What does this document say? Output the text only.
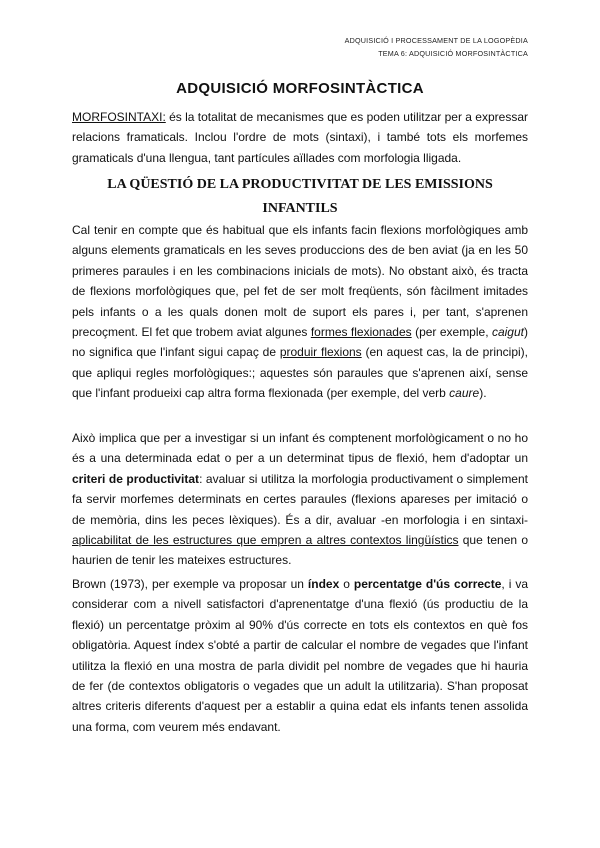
ADQUISICIÓ I PROCESSAMENT DE LA LOGOPÈDIA
TEMA 6: ADQUISICIÓ MORFOSINTÀCTICA
ADQUISICIÓ MORFOSINTÀCTICA
MORFOSINTAXI: és la totalitat de mecanismes que es poden utilitzar per a expressar relacions framaticals. Inclou l'ordre de mots (sintaxi), i també tots els morfemes gramaticals d'una llengua, tant partícules aïllades com morfologia lligada.
LA QÜESTIÓ DE LA PRODUCTIVITAT DE LES EMISSIONS INFANTILS
Cal tenir en compte que és habitual que els infants facin flexions morfològiques amb alguns elements gramaticals en les seves produccions des de ben aviat (ja en les 50 primeres paraules i en les combinacions inicials de mots). No obstant això, és tracta de flexions morfològiques que, pel fet de ser molt freqüents, són fàcilment imitades pels infants o a les quals donen molt de suport els pares i, per tant, s'aprenen precoçment. El fet que trobem aviat algunes formes flexionades (per exemple, caigut) no significa que l'infant sigui capaç de produir flexions (en aquest cas, la de principi), que apliqui regles morfològiques:; aquestes són paraules que s'aprenen així, sense que l'infant produeixi cap altra forma flexionada (per exemple, del verb caure).
Això implica que per a investigar si un infant és comptenent morfològicament o no ho és a una determinada edat o per a un determinat tipus de flexió, hem d'adoptar un criteri de productivitat: avaluar si utilitza la morfologia productivament o simplement fa servir morfemes determinats en certes paraules (flexions apareses per imitació o de memòria, dins les peces lèxiques). És a dir, avaluar -en morfologia i en sintaxi- aplicabilitat de les estructures que empren a altres contextos lingüístics que tenen o haurien de tenir les mateixes estructures.
Brown (1973), per exemple va proposar un índex o percentatge d'ús correcte, i va considerar com a nivell satisfactori d'aprenentatge d'una flexió (ús productiu de la flexió) un percentatge pròxim al 90% d'ús correcte en tots els contextos en què fos obligatòria. Aquest índex s'obté a partir de calcular el nombre de vegades que l'infant utilitza la flexió en una mostra de parla dividit pel nombre de vegades que hi hauria de fer (de contextos obligatoris o vegades que un adult la utilitzaria). S'han proposat altres criteris diferents d'aquest per a establir a quina edat els infants tenen assolida una forma, com veurem més endavant.
